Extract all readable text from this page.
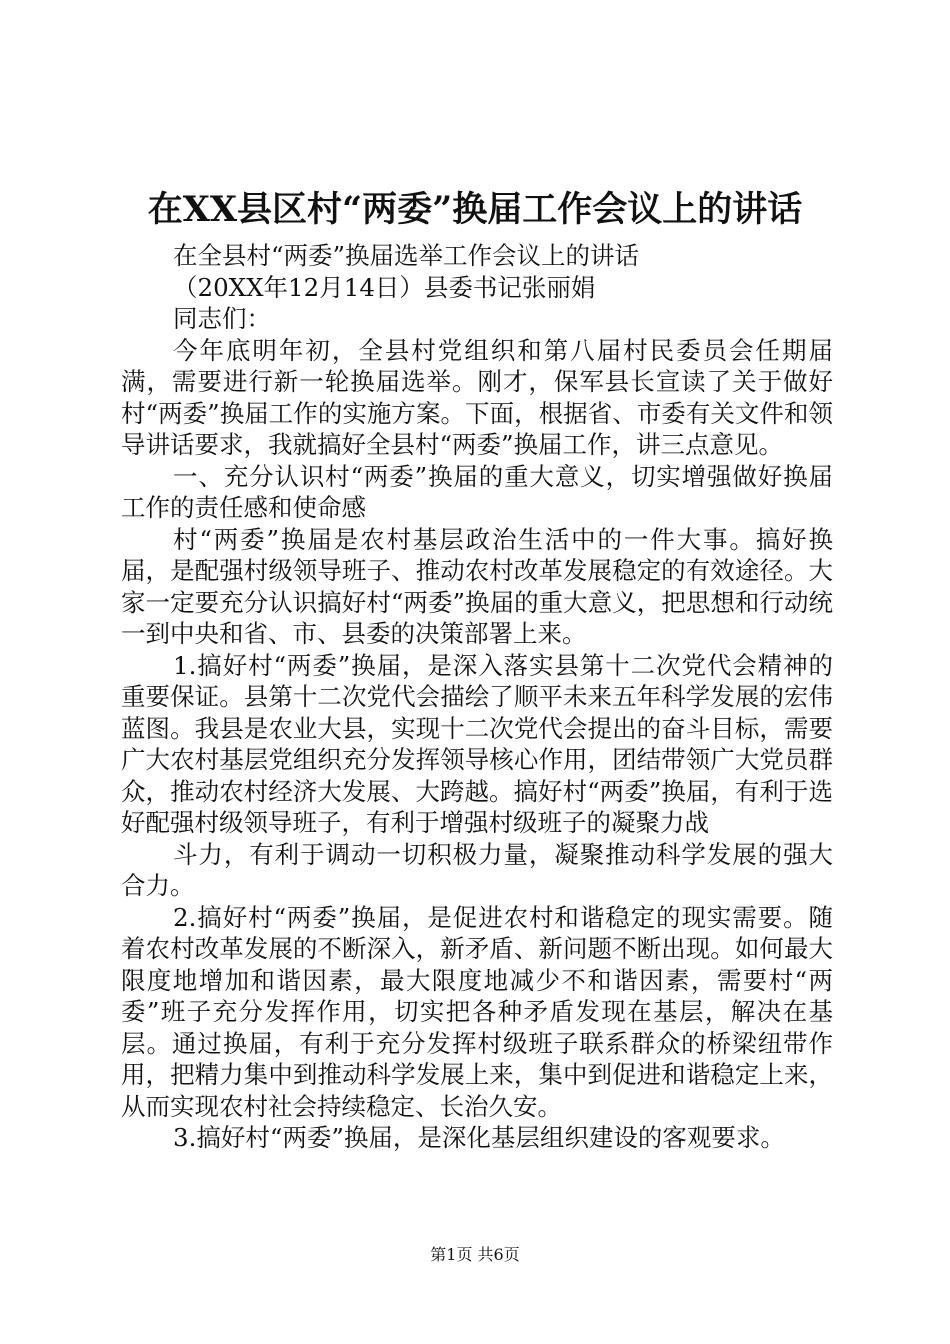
在XX县区村“两委”换届工作会议上的讲话

在全县村“两委”换届选举工作会议上的讲话

（20XX年12月14日）县委书记张丽娟

同志们：

今年底明年初，全县村党组织和第八届村民委员会任期届满，需要进行新一轮换届选举。刚才，保军县长宣读了关于做好村“两委”换届工作的实施方案。下面，根据省、市委有关文件和领导讲话要求，我就搞好全县村“两委”换届工作，讲三点意见。

一、充分认识村“两委”换届的重大意义，切实增强做好换届工作的责任感和使命感

村“两委”换届是农村基层政治生活中的一件大事。搞好换届，是配强村级领导班子、推动农村改革发展稳定的有效途径。大家一定要充分认识搞好村“两委”换届的重大意义，把思想和行动统一到中央和省、市、县委的决策部署上来。

1.搞好村“两委”换届，是深入落实县第十二次党代会精神的重要保证。县第十二次党代会描绘了顺平未来五年科学发展的宏伟蓝图。我县是农业大县，实现十二次党代会提出的奋斗目标，需要广大农村基层党组织充分发挥领导核心作用，团结带领广大党员群众，推动农村经济大发展、大跨越。搞好村“两委”换届，有利于选好配强村级领导班子，有利于增强村级班子的凝聚力战

斗力，有利于调动一切积极力量，凝聚推动科学发展的强大合力。

2.搞好村“两委”换届，是促进农村和谐稳定的现实需要。随着农村改革发展的不断深入，新矛盾、新问题不断出现。如何最大限度地增加和谐因素，最大限度地减少不和谐因素，需要村“两委”班子充分发挥作用，切实把各种矛盾发现在基层，解决在基层。通过换届，有利于充分发挥村级班子联系群众的桥梁纽带作用，把精力集中到推动科学发展上来，集中到促进和谐稳定上来，从而实现农村社会持续稳定、长治久安。

3.搞好村“两委”换届，是深化基层组织建设的客观要求。

第1页 共6页
